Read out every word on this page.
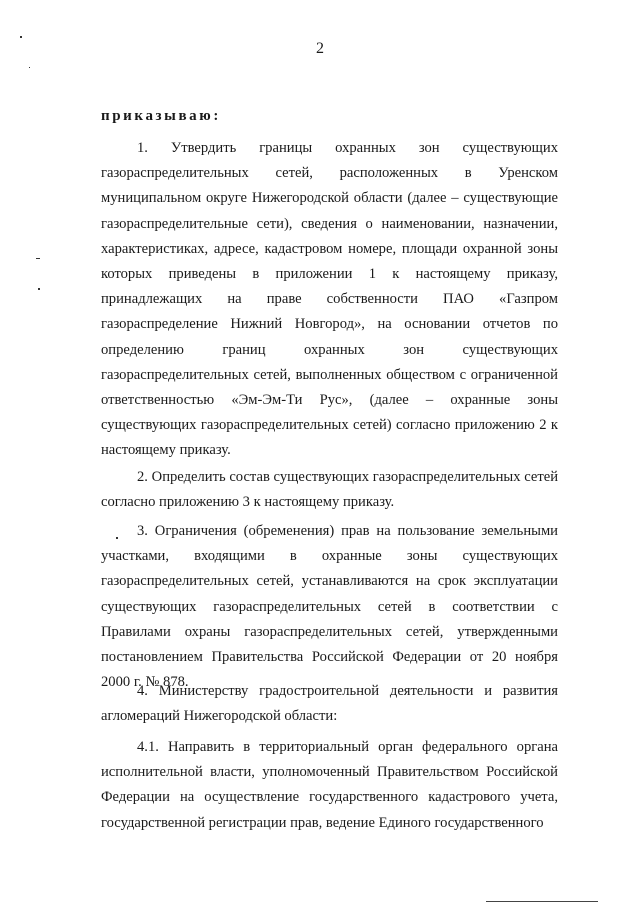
2
приказываю:

1. Утвердить границы охранных зон существующих газораспределительных сетей, расположенных в Уренском муниципальном округе Нижегородской области (далее – существующие газораспределительные сети), сведения о наименовании, назначении, характеристиках, адресе, кадастровом номере, площади охранной зоны которых приведены в приложении 1 к настоящему приказу, принадлежащих на праве собственности ПАО «Газпром газораспределение Нижний Новгород», на основании отчетов по определению границ охранных зон существующих газораспределительных сетей, выполненных обществом с ограниченной ответственностью «Эм-Эм-Ти Рус», (далее – охранные зоны существующих газораспределительных сетей) согласно приложению 2 к настоящему приказу.

2. Определить состав существующих газораспределительных сетей согласно приложению 3 к настоящему приказу.

3. Ограничения (обременения) прав на пользование земельными участками, входящими в охранные зоны существующих газораспределительных сетей, устанавливаются на срок эксплуатации существующих газораспределительных сетей в соответствии с Правилами охраны газораспределительных сетей, утвержденными постановлением Правительства Российской Федерации от 20 ноября 2000 г. № 878.

4. Министерству градостроительной деятельности и развития агломераций Нижегородской области:

4.1. Направить в территориальный орган федерального органа исполнительной власти, уполномоченный Правительством Российской Федерации на осуществление государственного кадастрового учета, государственной регистрации прав, ведение Единого государственного
